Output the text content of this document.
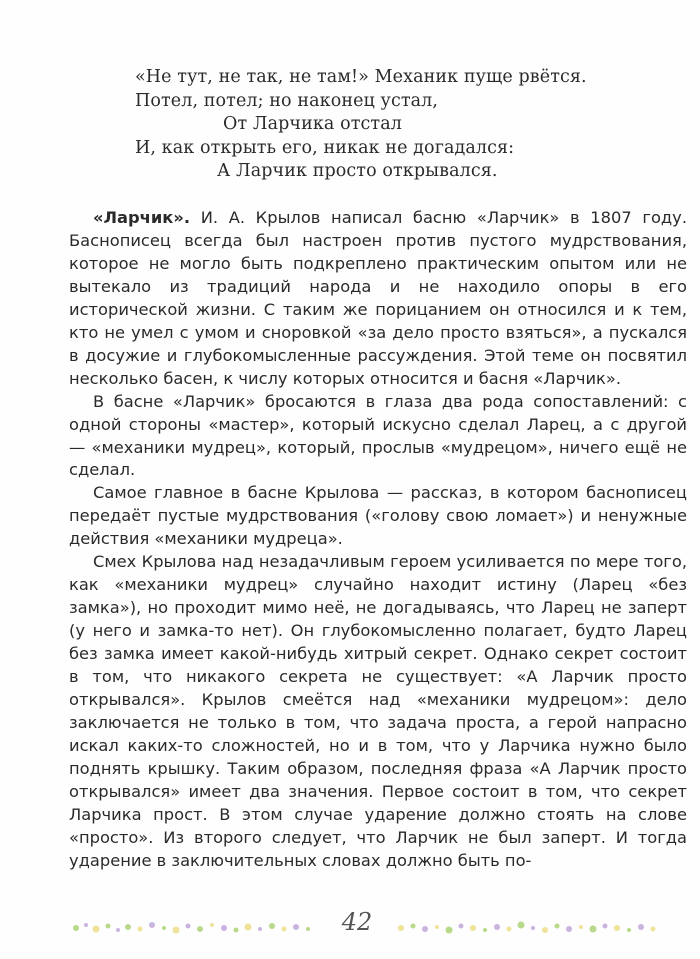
«Не тут, не так, не там!» Механик пуще рвётся.
Потел, потел; но наконец устал,
От Ларчика отстал
И, как открыть его, никак не догадался:
А Ларчик просто открывался.

«Ларчик». И. А. Крылов написал басню «Ларчик» в 1807 году. Баснописец всегда был настроен против пустого мудрствования, которое не могло быть подкреплено практическим опытом или не вытекало из традиций народа и не находило опоры в его исторической жизни. С таким же порицанием он относился и к тем, кто не умел с умом и сноровкой «за дело просто взяться», а пускался в досужие и глубокомысленные рассуждения. Этой теме он посвятил несколько басен, к числу которых относится и басня «Ларчик».

В басне «Ларчик» бросаются в глаза два рода сопоставлений: с одной стороны «мастер», который искусно сделал Ларец, а с другой — «механики мудрец», который, прослыв «мудрецом», ничего ещё не сделал.

Самое главное в басне Крылова — рассказ, в котором баснописец передаёт пустые мудрствования («голову свою ломает») и ненужные действия «механики мудреца».

Смех Крылова над незадачливым героем усиливается по мере того, как «механики мудрец» случайно находит истину (Ларец «без замка»), но проходит мимо неё, не догадываясь, что Ларец не заперт (у него и замка-то нет). Он глубокомысленно полагает, будто Ларец без замка имеет какой-нибудь хитрый секрет. Однако секрет состоит в том, что никакого секрета не существует: «А Ларчик просто открывался». Крылов смеётся над «механики мудрецом»: дело заключается не только в том, что задача проста, а герой напрасно искал каких-то сложностей, но и в том, что у Ларчика нужно было поднять крышку. Таким образом, последняя фраза «А Ларчик просто открывался» имеет два значения. Первое состоит в том, что секрет Ларчика прост. В этом случае ударение должно стоять на слове «просто». Из второго следует, что Ларчик не был заперт. И тогда ударение в заключительных словах должно быть по-

42
